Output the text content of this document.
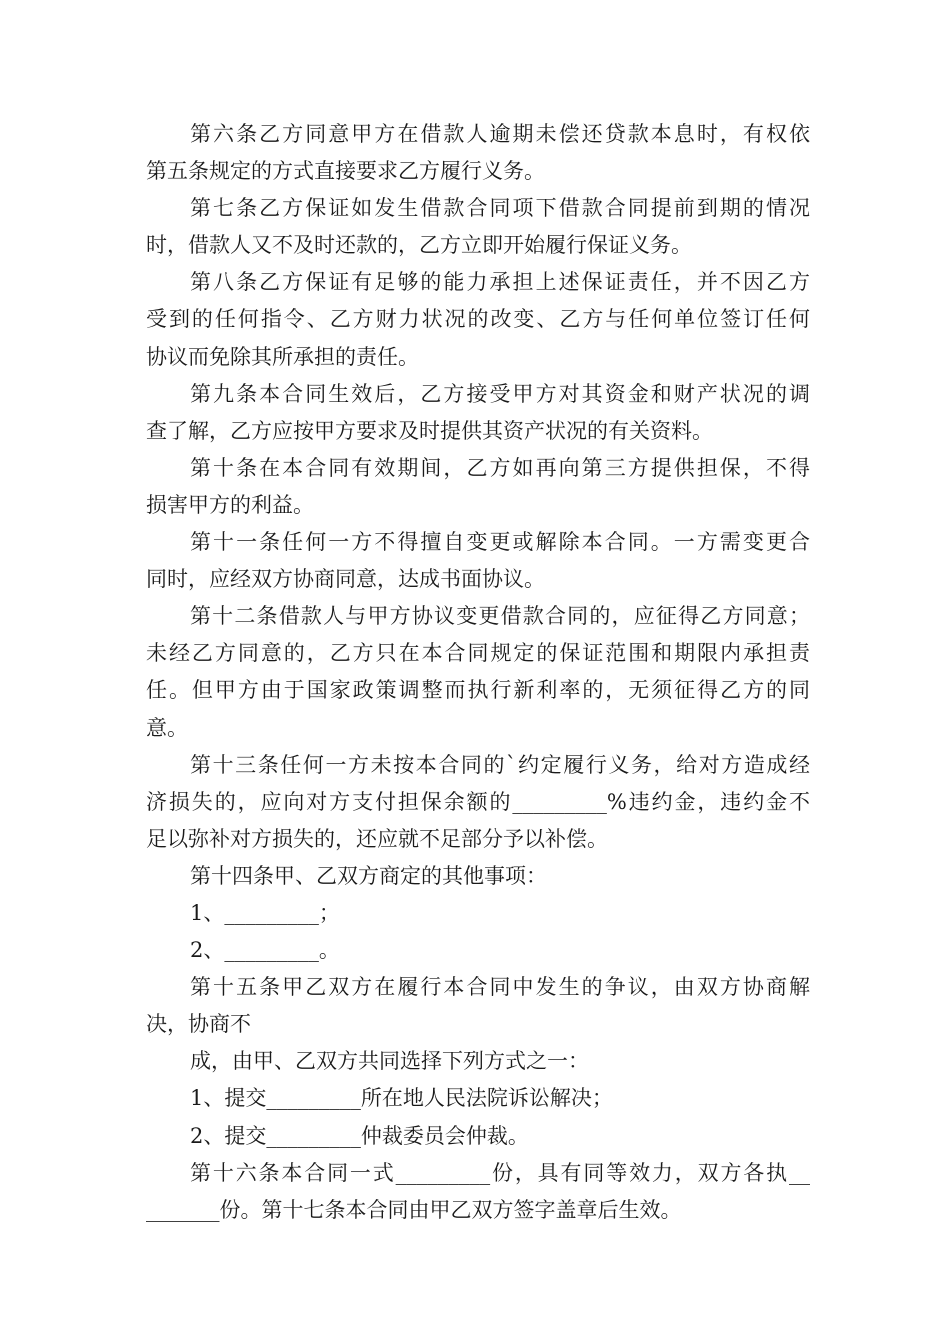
第六条乙方同意甲方在借款人逾期未偿还贷款本息时，有权依
第五条规定的方式直接要求乙方履行义务。
第七条乙方保证如发生借款合同项下借款合同提前到期的情况
时，借款人又不及时还款的，乙方立即开始履行保证义务。
第八条乙方保证有足够的能力承担上述保证责任，并不因乙方
受到的任何指令、乙方财力状况的改变、乙方与任何单位签订任何
协议而免除其所承担的责任。
第九条本合同生效后，乙方接受甲方对其资金和财产状况的调
查了解，乙方应按甲方要求及时提供其资产状况的有关资料。
第十条在本合同有效期间，乙方如再向第三方提供担保，不得
损害甲方的利益。
第十一条任何一方不得擅自变更或解除本合同。一方需变更合
同时，应经双方协商同意，达成书面协议。
第十二条借款人与甲方协议变更借款合同的，应征得乙方同意；
未经乙方同意的，乙方只在本合同规定的保证范围和期限内承担责
任。但甲方由于国家政策调整而执行新利率的，无须征得乙方的同
意。
第十三条任何一方未按本合同的`约定履行义务，给对方造成经
济损失的，应向对方支付担保余额的_________%违约金，违约金不
足以弥补对方损失的，还应就不足部分予以补偿。
第十四条甲、乙双方商定的其他事项：
1、_________；
2、_________。
第十五条甲乙双方在履行本合同中发生的争议，由双方协商解
决，协商不
成，由甲、乙双方共同选择下列方式之一：
1、提交_________所在地人民法院诉讼解决；
2、提交_________仲裁委员会仲裁。
第十六条本合同一式_________份，具有同等效力，双方各执__
_______份。第十七条本合同由甲乙双方签字盖章后生效。
